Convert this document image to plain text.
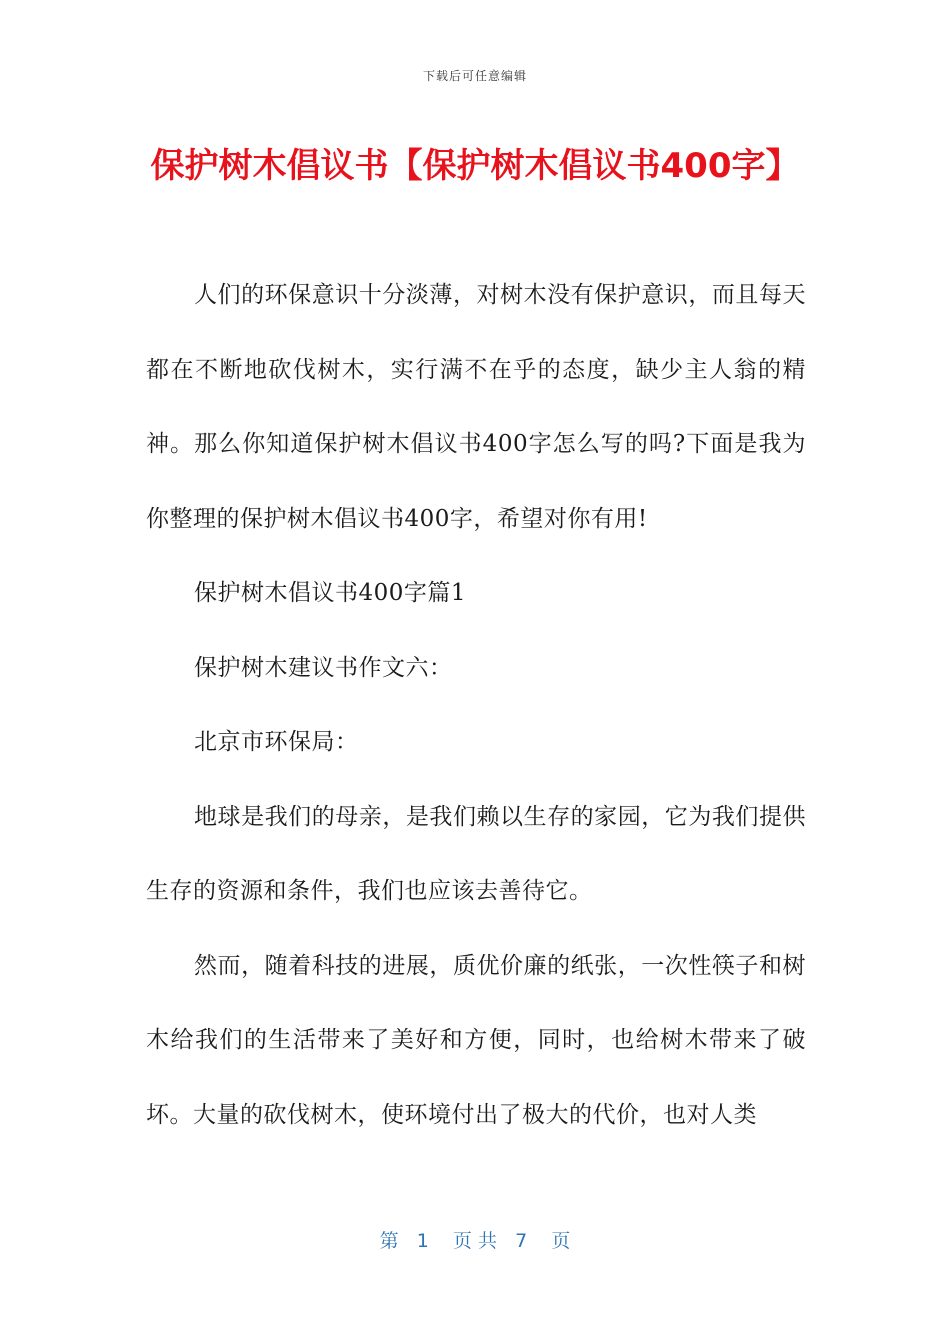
下载后可任意编辑
保护树木倡议书【保护树木倡议书400字】

人们的环保意识十分淡薄，对树木没有保护意识，而且每天都在不断地砍伐树木，实行满不在乎的态度，缺少主人翁的精神。那么你知道保护树木倡议书400字怎么写的吗?下面是我为你整理的保护树木倡议书400字，希望对你有用!

保护树木倡议书400字篇1

保护树木建议书作文六：

北京市环保局：

地球是我们的母亲，是我们赖以生存的家园，它为我们提供生存的资源和条件，我们也应该去善待它。

然而，随着科技的进展，质优价廉的纸张，一次性筷子和树木给我们的生活带来了美好和方便，同时，也给树木带来了破坏。大量的砍伐树木，使环境付出了极大的代价，也对人类

第 1 页 共 7 页
